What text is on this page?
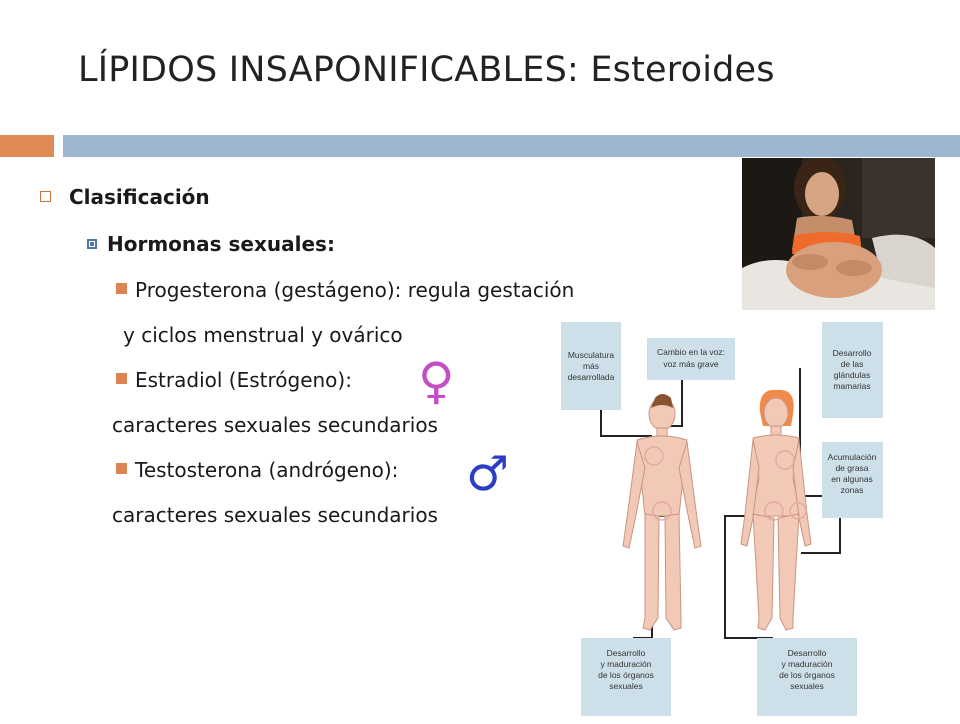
LÍPIDOS INSAPONIFICABLES: Esteroides
Clasificación
Hormonas sexuales:
Progesterona (gestágeno): regula gestación
y ciclos menstrual y ovárico
Estradiol (Estrógeno):
caracteres sexuales secundarios
Testosterona (andrógeno):
caracteres sexuales secundarios
♀
♂
Musculatura más desarrollada
Cambio en la voz: voz más grave
Desarrollo de las glándulas mamarias
Acumulación de grasa en algunas zonas
Desarrollo y maduración de los órganos sexuales
Desarrollo y maduración de los órganos sexuales
